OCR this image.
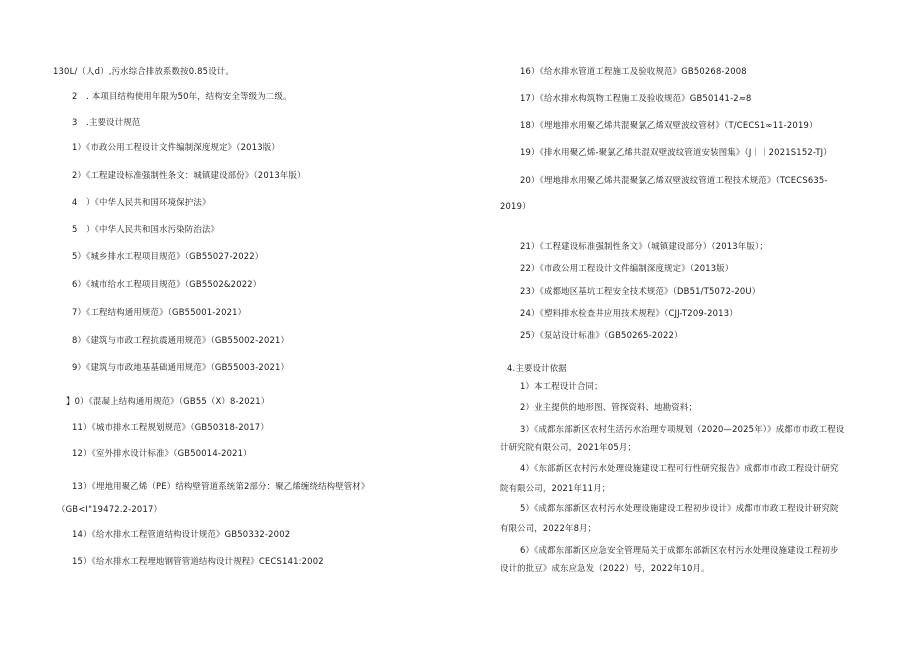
130L/（人d）,污水综合排放系数按0.85设计。
2　. 本项目结构使用年限为50年，结构安全等级为二级。
3　.主要设计规范
1）《市政公用工程设计文件编制深度规定》（2013版）
2）《工程建设标准强制性条文：城镇建设部份》（2013年版）
4　）《中华人民共和国环境保护法》
5　）《中华人民共和国水污染防治法》
5）《城乡排水工程项目规范》（GB55027-2022）
6）《城市给水工程项目规范》（GB5502&2022）
7）《工程结构通用规范》（GB55001-2021）
8）《建筑与市政工程抗震通用规范》（GB55002-2021）
9）《建筑与市政地基基础通用规范》（GB55003-2021）
】0）《混凝上结构通用规范》（GB55（X）8-2021）
11）《城市排水工程规划规范》（GB50318-2017）
12）《室外排水设计标准》（GB50014-2021）
13）《埋地用聚乙烯（PE）结构壁管道系统第2部分：聚乙烯缠绕结构壁管材》
（GB<I"19472.2-2017）
14）《给水排水工程管道结构设计规范》GB50332-2002
15）《给水排水工程埋地钢管管道结构设计规程》CECS141:2002
16）《给水排水管道工程施工及验收规范》GB50268-2008
17）《给水排水构筑物工程施工及验收规范》GB50141-2≈8
18）《埋地排水用聚乙烯共混聚氯乙烯双壁波纹管材》（T/CECS1∞11-2019）
19）《排水用聚乙烯-聚氯乙烯共混双壁波纹管道安装图集》（J｜｜2021S152-TJ）
20）《埋地排水用聚乙烯共混聚氯乙烯双壁波纹管道工程技术规范》（TCECS635-
2019）
21）《工程建设标准强制性条文》（城镇建设部分）（2013年版）；
22）《市政公用工程设计文件编制深度规定》（2013版）
23）《成都地区基坑工程安全技术规范》（DB51/T5072-20U）
24）《塑料排水检查井应用技术规程》（CJJ-T209-2013）
25）《泵站设计标准》（GB50265-2022）
4.主要设计依据
1）本工程设计合同；
2）业主提供的地形图、管探资料、地勘资料；
3）《成都东部新区农村生活污水治理专项规划（2020—2025年）》成都市市政工程设
计研究院有限公司，2021年05月；
4）《东部新区农村污水处理设施建设工程可行性研究报告》成都市市政工程设计研究
院有限公司，2021年11月；
5）《成都东部新区农村污水处理设施建设工程初步设计》成都市市政工程设计研究院
有限公司，2022年8月；
6）《成都东部新区应急安全管理局关于成都东部新区农村污水处理设施建设工程初步
设计的批豆》成东应急发（2022）号，2022年10月。
